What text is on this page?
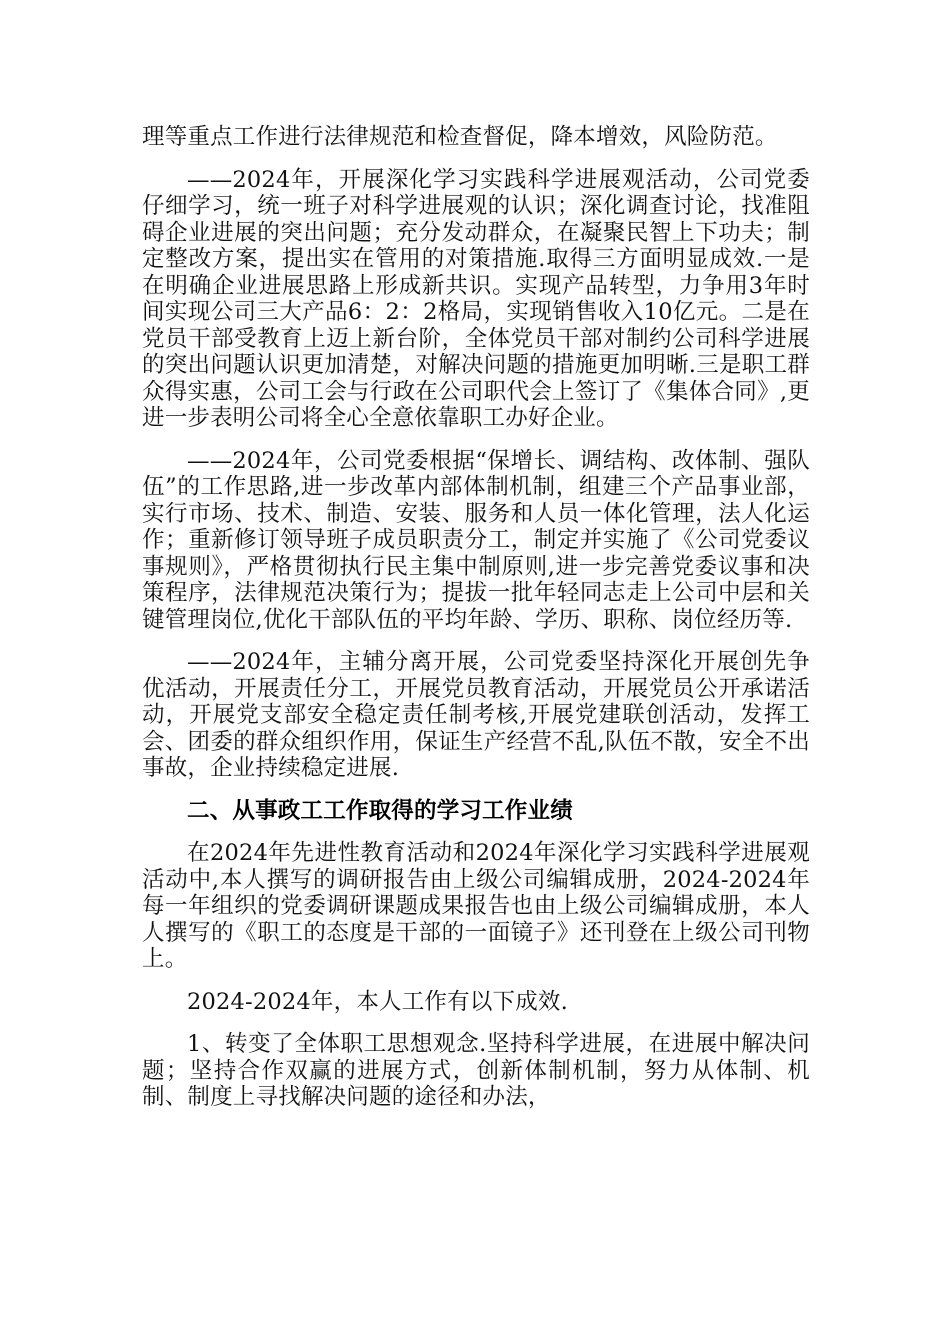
理等重点工作进行法律规范和检查督促，降本增效，风险防范。

——2024年，开展深化学习实践科学进展观活动，公司党委仔细学习，统一班子对科学进展观的认识；深化调查讨论，找准阻碍企业进展的突出问题；充分发动群众，在凝聚民智上下功夫；制定整改方案，提出实在管用的对策措施.取得三方面明显成效.一是在明确企业进展思路上形成新共识。实现产品转型，力争用3年时间实现公司三大产品6：2：2格局，实现销售收入10亿元。二是在党员干部受教育上迈上新台阶，全体党员干部对制约公司科学进展的突出问题认识更加清楚，对解决问题的措施更加明晰.三是职工群众得实惠，公司工会与行政在公司职代会上签订了《集体合同》,更进一步表明公司将全心全意依靠职工办好企业。

——2024年，公司党委根据“保增长、调结构、改体制、强队伍”的工作思路,进一步改革内部体制机制，组建三个产品事业部，实行市场、技术、制造、安装、服务和人员一体化管理，法人化运作；重新修订领导班子成员职责分工，制定并实施了《公司党委议事规则》，严格贯彻执行民主集中制原则,进一步完善党委议事和决策程序，法律规范决策行为；提拔一批年轻同志走上公司中层和关键管理岗位,优化干部队伍的平均年龄、学历、职称、岗位经历等.

——2024年，主辅分离开展，公司党委坚持深化开展创先争优活动，开展责任分工，开展党员教育活动，开展党员公开承诺活动，开展党支部安全稳定责任制考核,开展党建联创活动，发挥工会、团委的群众组织作用，保证生产经营不乱,队伍不散，安全不出事故，企业持续稳定进展.

二、从事政工工作取得的学习工作业绩

在2024年先进性教育活动和2024年深化学习实践科学进展观活动中,本人撰写的调研报告由上级公司编辑成册，2024-2024年每一年组织的党委调研课题成果报告也由上级公司编辑成册，本人人撰写的《职工的态度是干部的一面镜子》还刊登在上级公司刊物上。

2024-2024年，本人工作有以下成效.

1、转变了全体职工思想观念.坚持科学进展，在进展中解决问题；坚持合作双赢的进展方式，创新体制机制，努力从体制、机制、制度上寻找解决问题的途径和办法，
